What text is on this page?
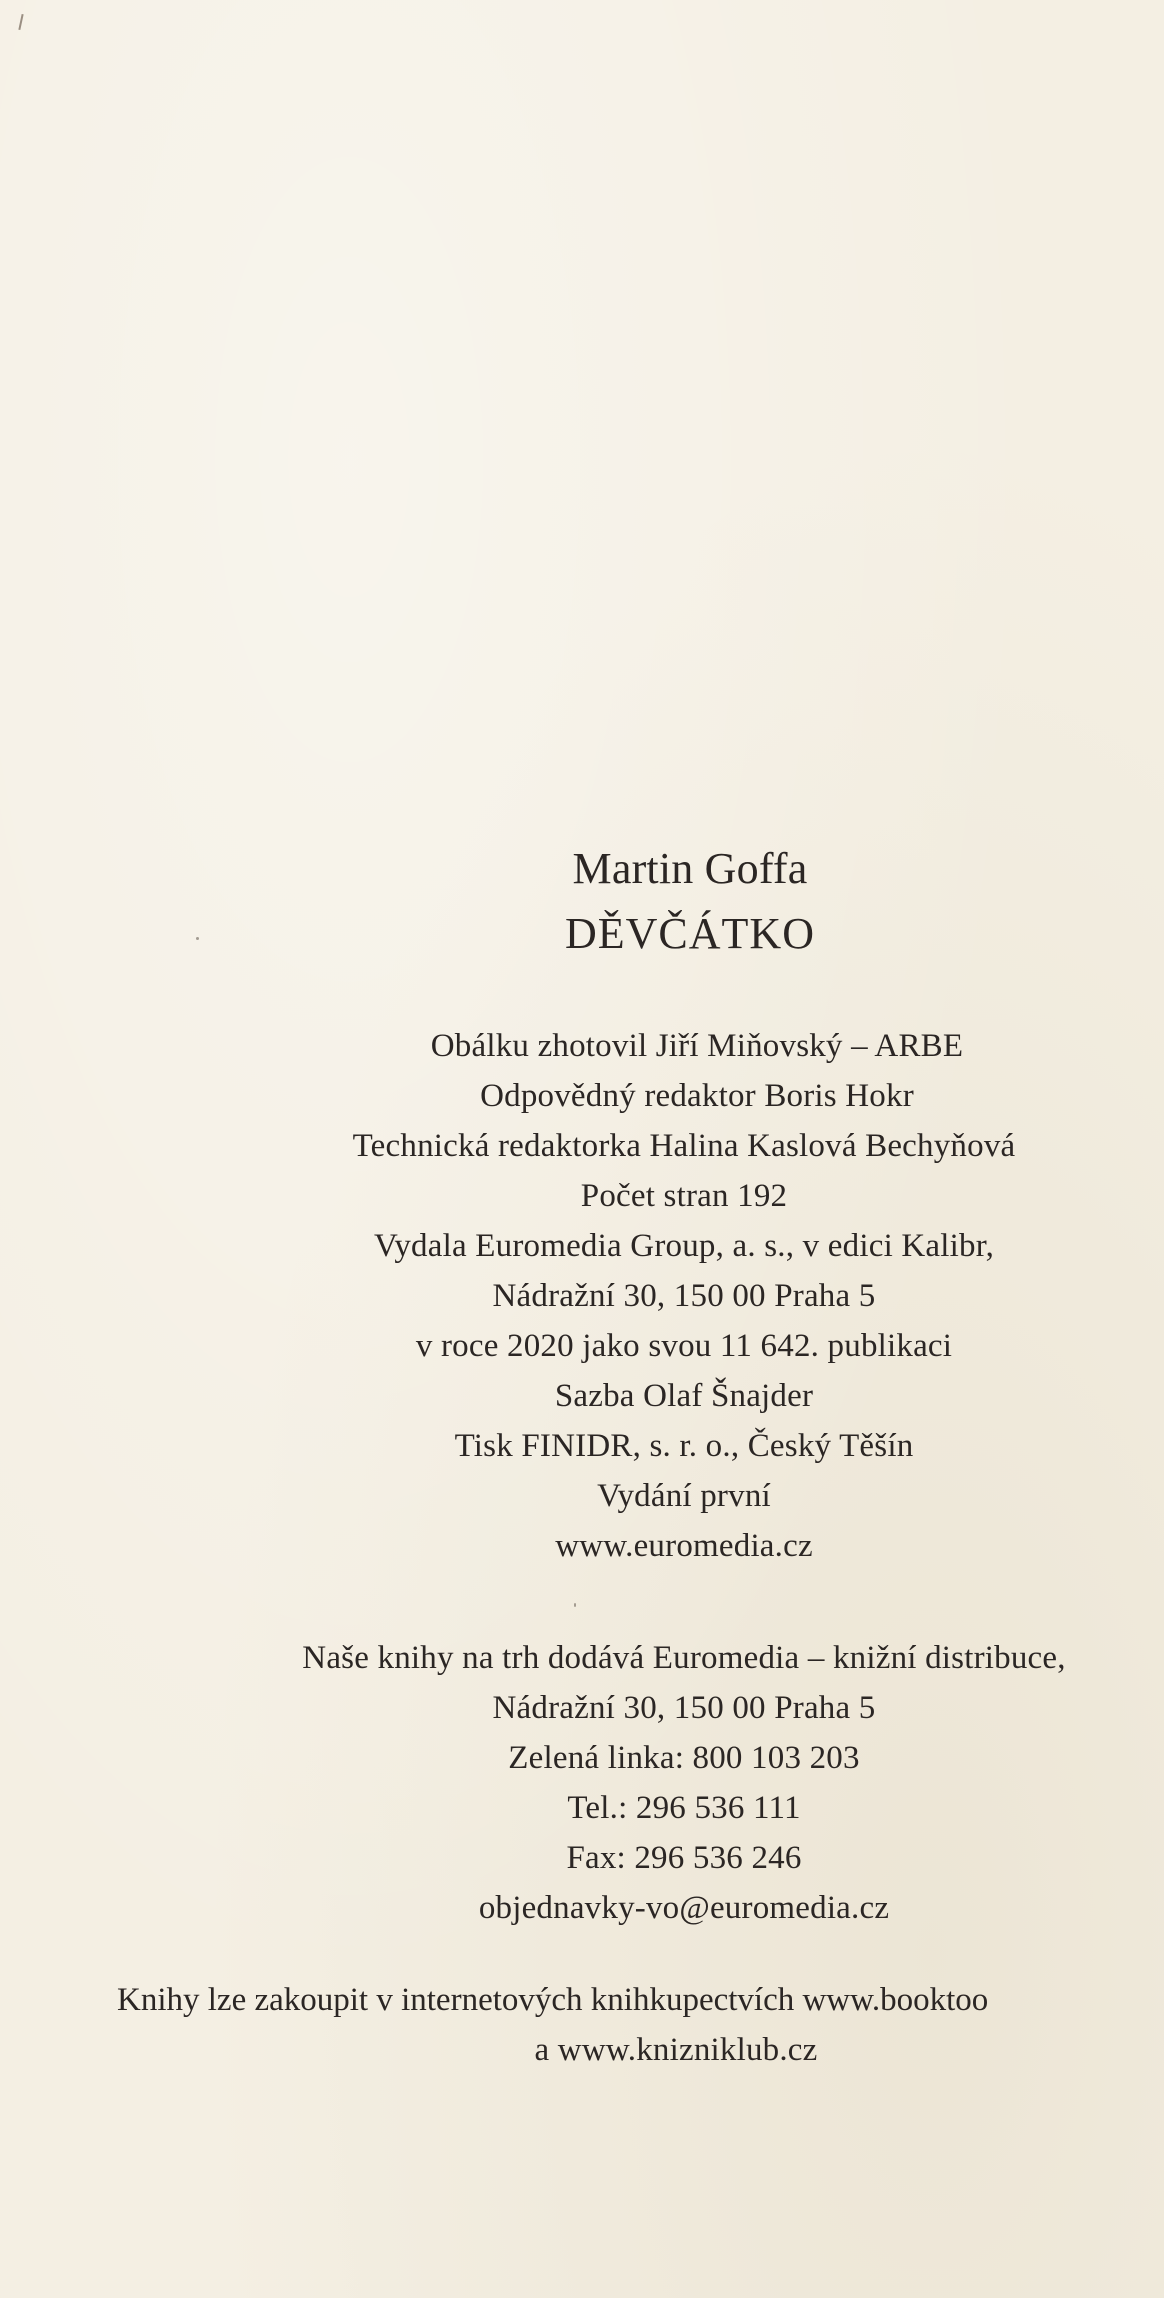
Martin Goffa
DĚVČÁTKO
Obálku zhotovil Jiří Miňovský – ARBE
Odpovědný redaktor Boris Hokr
Technická redaktorka Halina Kaslová Bechyňová
Počet stran 192
Vydala Euromedia Group, a. s., v edici Kalibr,
Nádražní 30, 150 00 Praha 5
v roce 2020 jako svou 11 642. publikaci
Sazba Olaf Šnajder
Tisk FINIDR, s. r. o., Český Těšín
Vydání první
www.euromedia.cz
Naše knihy na trh dodává Euromedia – knižní distribuce,
Nádražní 30, 150 00 Praha 5
Zelená linka: 800 103 203
Tel.: 296 536 111
Fax: 296 536 246
objednavky-vo@euromedia.cz
Knihy lze zakoupit v internetových knihkupectvích www.booktoo
a www.knizniklub.cz
